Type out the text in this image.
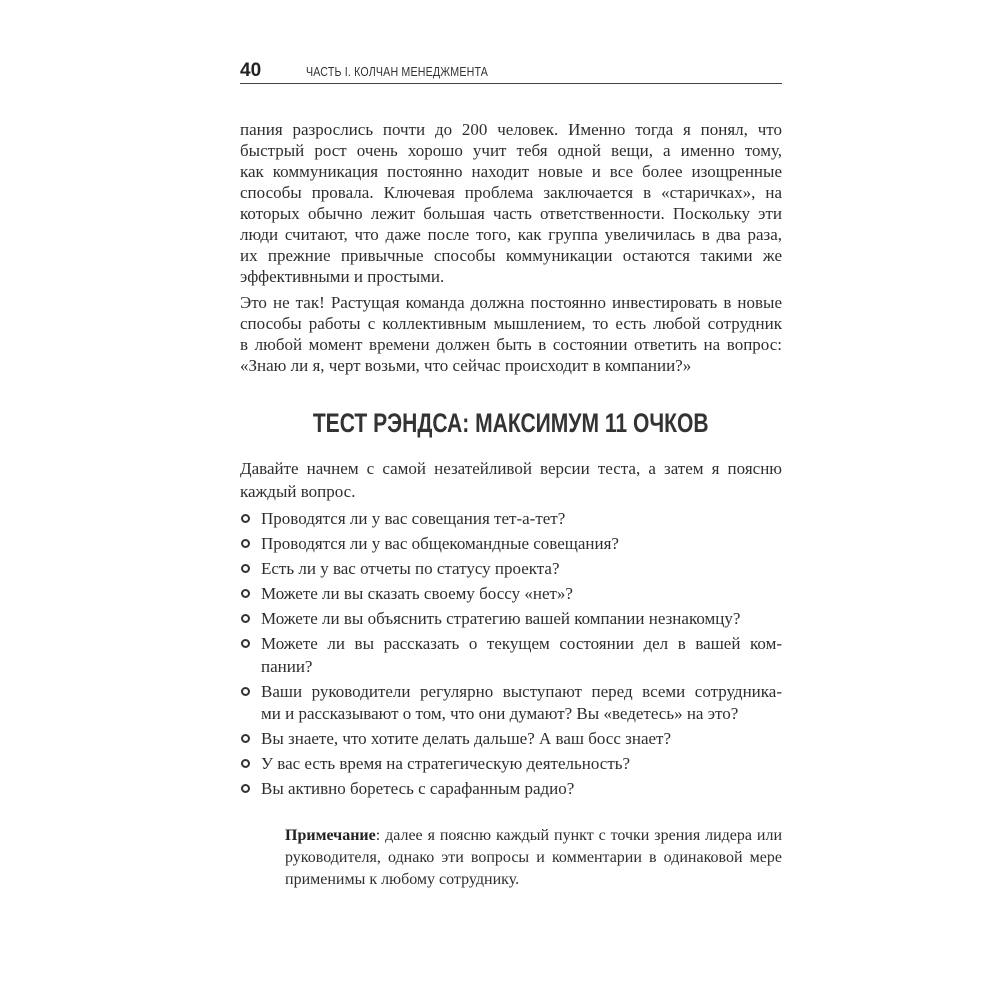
40	ЧАСТЬ I. КОЛЧАН МЕНЕДЖМЕНТА
пания разрослись почти до 200 человек. Именно тогда я понял, что
быстрый рост очень хорошо учит тебя одной вещи, а именно тому,
как коммуникация постоянно находит новые и все более изощренные
способы провала. Ключевая проблема заключается в «старичках», на
которых обычно лежит большая часть ответственности. Поскольку эти
люди считают, что даже после того, как группа увеличилась в два раза,
их прежние привычные способы коммуникации остаются такими же
эффективными и простыми.
Это не так! Растущая команда должна постоянно инвестировать в новые
способы работы с коллективным мышлением, то есть любой сотрудник
в любой момент времени должен быть в состоянии ответить на вопрос:
«Знаю ли я, черт возьми, что сейчас происходит в компании?»
ТЕСТ РЭНДСА: МАКСИМУМ 11 ОЧКОВ
Давайте начнем с самой незатейливой версии теста, а затем я поясню
каждый вопрос.
Проводятся ли у вас совещания тет-а-тет?
Проводятся ли у вас общекомандные совещания?
Есть ли у вас отчеты по статусу проекта?
Можете ли вы сказать своему боссу «нет»?
Можете ли вы объяснить стратегию вашей компании незнакомцу?
Можете ли вы рассказать о текущем состоянии дел в вашей ком-
пании?
Ваши руководители регулярно выступают перед всеми сотрудника-
ми и рассказывают о том, что они думают? Вы «ведетесь» на это?
Вы знаете, что хотите делать дальше? А ваш босс знает?
У вас есть время на стратегическую деятельность?
Вы активно боретесь с сарафанным радио?
Примечание: далее я поясню каждый пункт с точки зрения лидера или
руководителя, однако эти вопросы и комментарии в одинаковой мере
применимы к любому сотруднику.
